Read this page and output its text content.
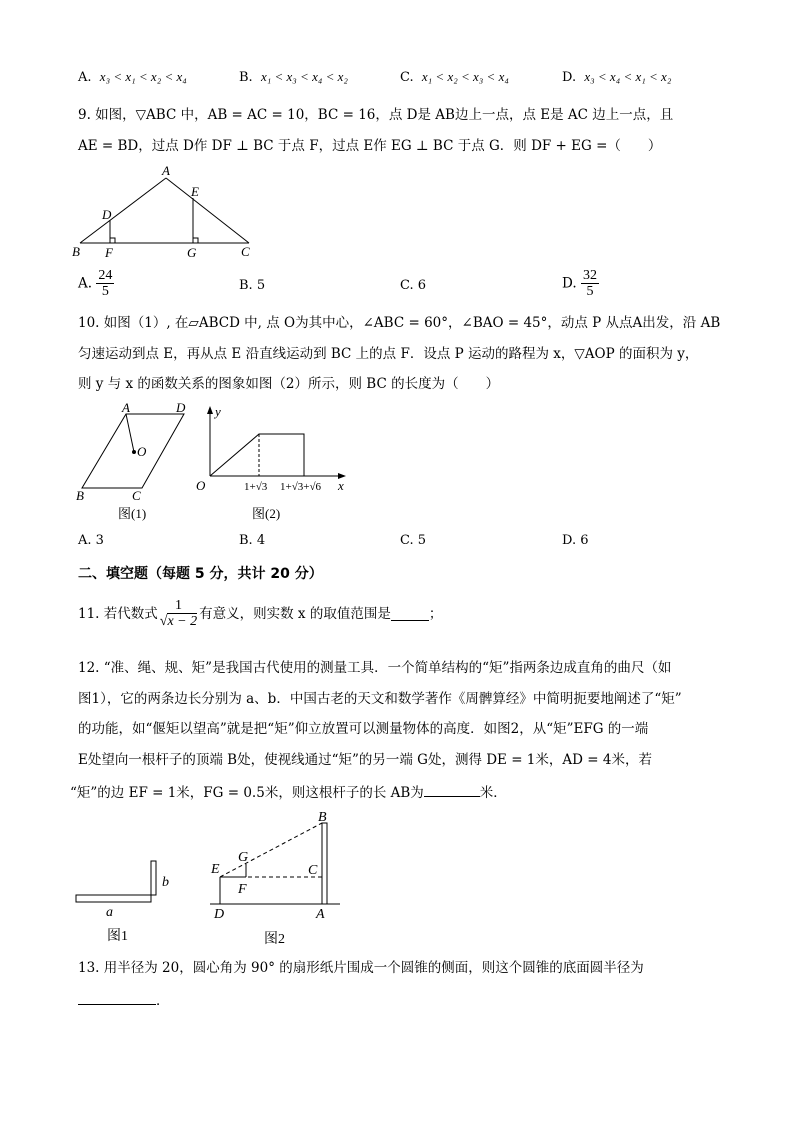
A. x₃ < x₁ < x₂ < x₄	B. x₁ < x₃ < x₄ < x₂	C. x₁ < x₂ < x₃ < x₄	D. x₃ < x₄ < x₁ < x₂
9. 如图，▽ABC 中，AB = AC = 10，BC = 16，点 D是 AB边上一点，点 E是 AC 边上一点，且
AE = BD，过点 D作 DF ⊥ BC 于点 F，过点 E作 EG ⊥ BC 于点 G．则 DF + EG =（　　）
A
B	C
D
E
F	G
A. $\frac{24}{5}$	B. 5	C. 6	D. $\frac{32}{5}$
10. 如图（1）, 在▱ABCD 中, 点 O为其中心，∠ABC = 60°，∠BAO = 45°，动点 P 从点A出发，沿 AB
匀速运动到点 E，再从点 E 沿直线运动到 BC 上的点 F．设点 P 运动的路程为 x，▽AOP 的面积为 y，
则 y 与 x 的函数关系的图象如图（2）所示，则 BC 的长度为（　　）
A	D
B	C
O
图(1)
y
x
O	1+√3 1+√3+√6
图(2)
A. 3	B. 4	C. 5	D. 6
二、填空题（每题 5 分，共计 20 分）
11. 若代数式 $\frac{1}{√x - 2}$ 有意义，则实数 x 的取值范围是	；
12. “准、绳、规、矩”是我国古代使用的测量工具．一个简单结构的“矩”指两条边成直角的曲尺（如
图1），它的两条边长分别为 a、b．中国古老的天文和数学著作《周髀算经》中简明扼要地阐述了“矩”
的功能，如“偃矩以望高”就是把“矩”仰立放置可以测量物体的高度．如图2，从“矩”EFG 的一端
E处望向一根杆子的顶端 B处，使视线通过“矩”的另一端 G处，测得 DE = 1米，AD = 4米，若
“矩”的边 EF = 1米，FG = 0.5米，则这根杆子的长 AB为	米．
a
b
图1
B
G
E	C
F
D	A
图2
13. 用半径为 20，圆心角为 90° 的扇形纸片围成一个圆锥的侧面，则这个圆锥的底面圆半径为
．
